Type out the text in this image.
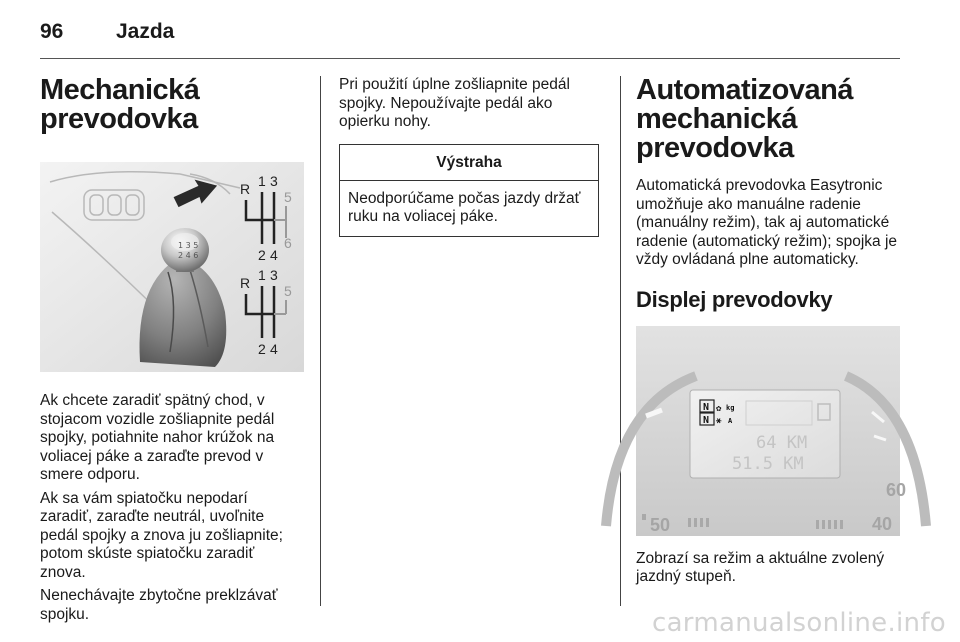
96	Jazda
Mechanická prevodovka
1 3 5
2 4 6
R 1 3
5
2 4
6
R 1 3
5
2 4

Ak chcete zaradiť spätný chod, v stojacom vozidle zošliapnite pedál spojky, potiahnite nahor krúžok na voliacej páke a zaraďte prevod v smere odporu.

Ak sa vám spiatočku nepodarí zaradiť, zaraďte neutrál, uvoľnite pedál spojky a znova ju zošliapnite; potom skúste spiatočku zaradiť znova.

Nenechávajte zbytočne preklzávať spojku.

Pri použití úplne zošliapnite pedál spojky. Nepoužívajte pedál ako opierku nohy.

Výstraha

Neodporúčame počas jazdy držať ruku na voliacej páke.

Automatizovaná mechanická prevodovka

Automatická prevodovka Easytronic umožňuje ako manuálne radenie (manuálny režim), tak aj automatické radenie (automatický režim); spojka je vždy ovládaná plne automaticky.

Displej prevodovky
N
N
✿ kg
⚹ A
64 KM
51.5 KM
50
60
40

Zobrazí sa režim a aktuálne zvolený jazdný stupeň.

carmanualsonline.info
